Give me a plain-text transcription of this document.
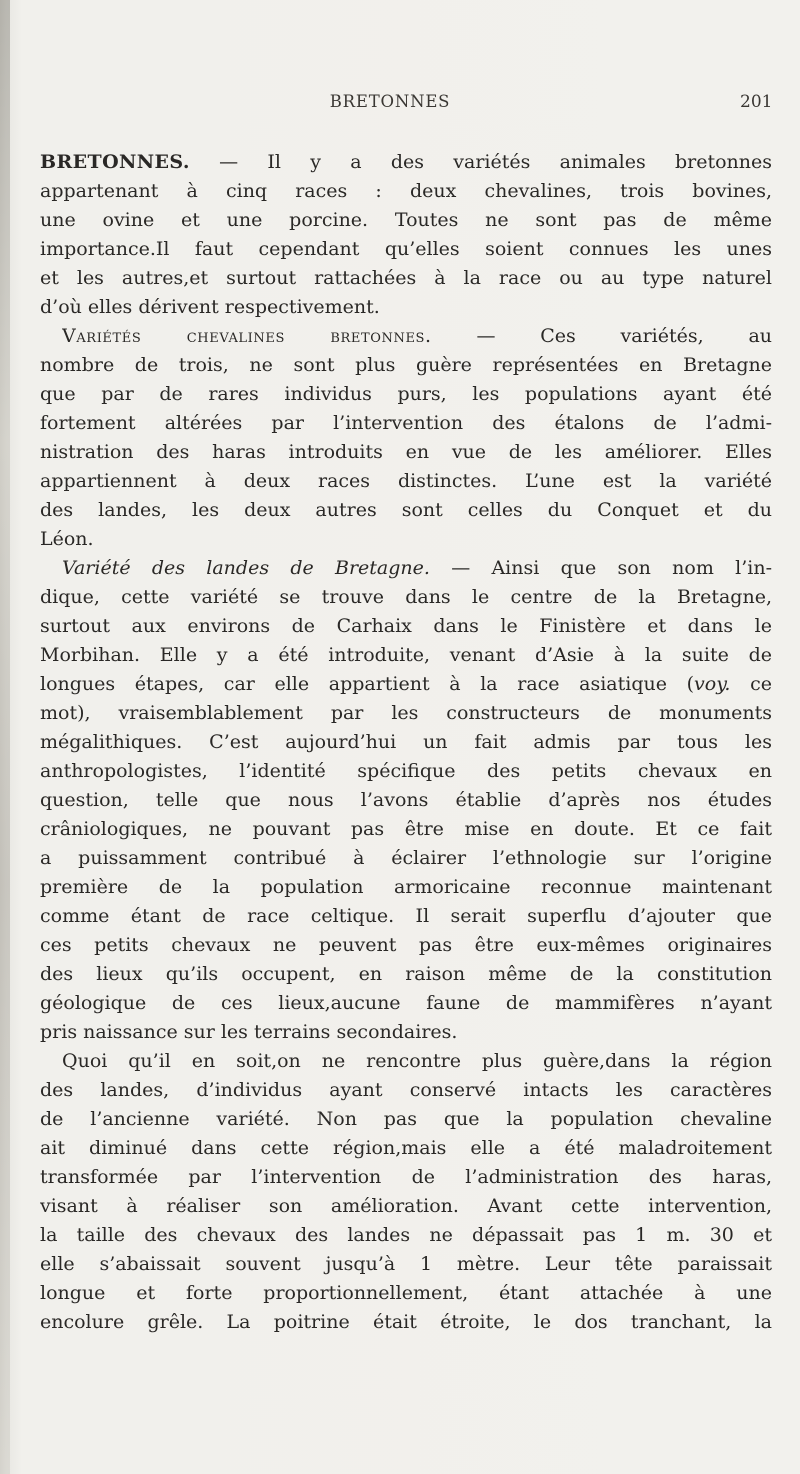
BRETONNES	201
BRETONNES. — Il y a des variétés animales bretonnes
appartenant à cinq races : deux chevalines, trois bovines,
une ovine et une porcine. Toutes ne sont pas de même
importance.Il faut cependant qu’elles soient connues les unes
et les autres,et surtout rattachées à la race ou au type naturel
d’où elles dérivent respectivement.
Variétés chevalines bretonnes. — Ces variétés, au
nombre de trois, ne sont plus guère représentées en Bretagne
que par de rares individus purs, les populations ayant été
fortement altérées par l’intervention des étalons de l’admi-
nistration des haras introduits en vue de les améliorer. Elles
appartiennent à deux races distinctes. L’une est la variété
des landes, les deux autres sont celles du Conquet et du
Léon.
Variété des landes de Bretagne. — Ainsi que son nom l’in-
dique, cette variété se trouve dans le centre de la Bretagne,
surtout aux environs de Carhaix dans le Finistère et dans le
Morbihan. Elle y a été introduite, venant d’Asie à la suite de
longues étapes, car elle appartient à la race asiatique (voy. ce
mot), vraisemblablement par les constructeurs de monuments
mégalithiques. C’est aujourd’hui un fait admis par tous les
anthropologistes, l’identité spécifique des petits chevaux en
question, telle que nous l’avons établie d’après nos études
crâniologiques, ne pouvant pas être mise en doute. Et ce fait
a puissamment contribué à éclairer l’ethnologie sur l’origine
première de la population armoricaine reconnue maintenant
comme étant de race celtique. Il serait superflu d’ajouter que
ces petits chevaux ne peuvent pas être eux-mêmes originaires
des lieux qu’ils occupent, en raison même de la constitution
géologique de ces lieux,aucune faune de mammifères n’ayant
pris naissance sur les terrains secondaires.
Quoi qu’il en soit,on ne rencontre plus guère,dans la région
des landes, d’individus ayant conservé intacts les caractères
de l’ancienne variété. Non pas que la population chevaline
ait diminué dans cette région,mais elle a été maladroitement
transformée par l’intervention de l’administration des haras,
visant à réaliser son amélioration. Avant cette intervention,
la taille des chevaux des landes ne dépassait pas 1 m. 30 et
elle s’abaissait souvent jusqu’à 1 mètre. Leur tête paraissait
longue et forte proportionnellement, étant attachée à une
encolure grêle. La poitrine était étroite, le dos tranchant, la
